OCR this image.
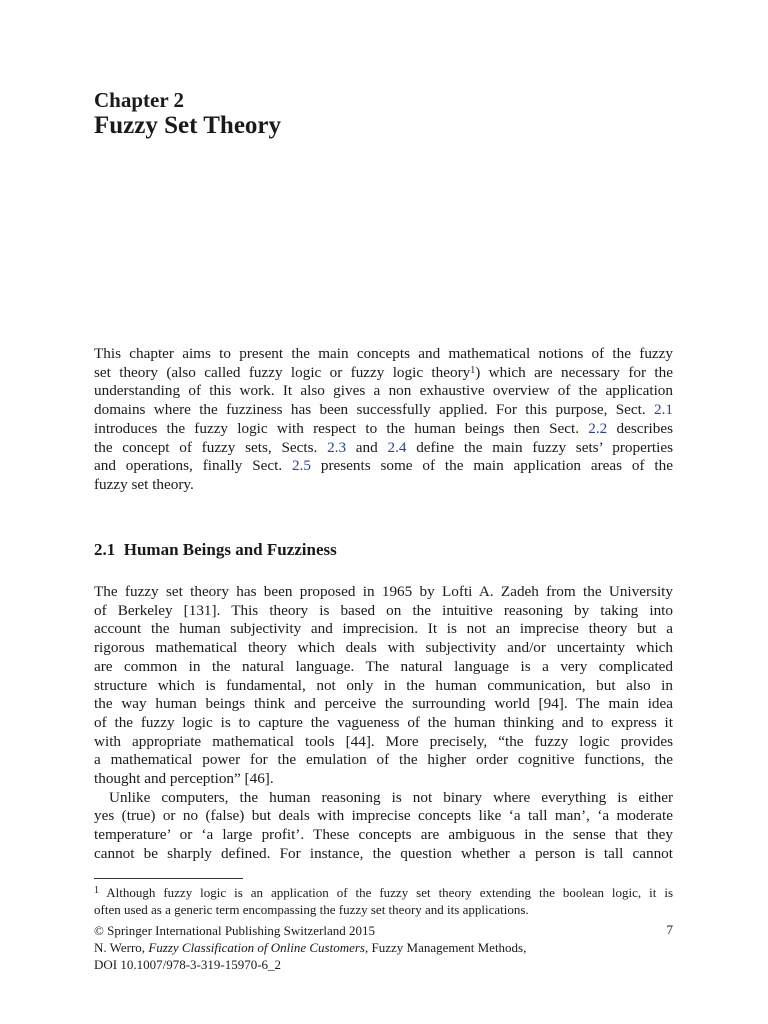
Chapter 2
Fuzzy Set Theory
This chapter aims to present the main concepts and mathematical notions of the fuzzy
set theory (also called fuzzy logic or fuzzy logic theory$^1$) which are necessary for the
understanding of this work. It also gives a non exhaustive overview of the application
domains where the fuzziness has been successfully applied. For this purpose, Sect. 2.1
introduces the fuzzy logic with respect to the human beings then Sect. 2.2 describes
the concept of fuzzy sets, Sects. 2.3 and 2.4 define the main fuzzy sets’ properties
and operations, finally Sect. 2.5 presents some of the main application areas of the
fuzzy set theory.
2.1 Human Beings and Fuzziness
The fuzzy set theory has been proposed in 1965 by Lofti A. Zadeh from the University
of Berkeley [131]. This theory is based on the intuitive reasoning by taking into
account the human subjectivity and imprecision. It is not an imprecise theory but a
rigorous mathematical theory which deals with subjectivity and/or uncertainty which
are common in the natural language. The natural language is a very complicated
structure which is fundamental, not only in the human communication, but also in
the way human beings think and perceive the surrounding world [94]. The main idea
of the fuzzy logic is to capture the vagueness of the human thinking and to express it
with appropriate mathematical tools [44]. More precisely, “the fuzzy logic provides
a mathematical power for the emulation of the higher order cognitive functions, the
thought and perception” [46].
Unlike computers, the human reasoning is not binary where everything is either
yes (true) or no (false) but deals with imprecise concepts like ‘a tall man’, ‘a moderate
temperature’ or ‘a large profit’. These concepts are ambiguous in the sense that they
cannot be sharply defined. For instance, the question whether a person is tall cannot
$^1$ Although fuzzy logic is an application of the fuzzy set theory extending the boolean logic, it is
often used as a generic term encompassing the fuzzy set theory and its applications.
© Springer International Publishing Switzerland 2015
N. Werro, Fuzzy Classification of Online Customers, Fuzzy Management Methods,
DOI 10.1007/978-3-319-15970-6_2
7
